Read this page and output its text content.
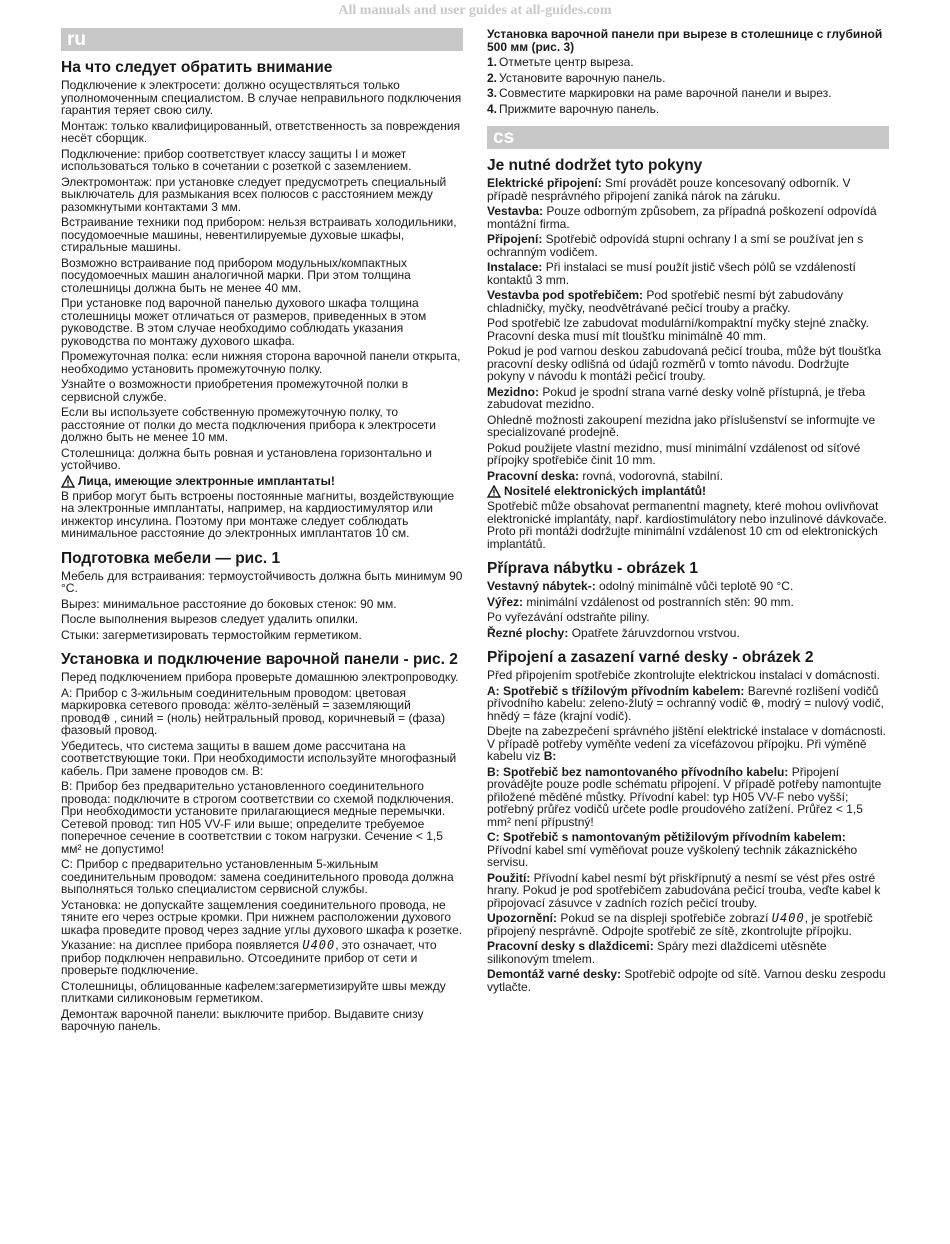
All manuals and user guides at all-guides.com
ru
На что следует обратить внимание
Подключение к электросети: должно осуществляться только уполномоченным специалистом. В случае неправильного подключения гарантия теряет свою силу.
Монтаж: только квалифицированный, ответственность за повреждения несёт сборщик.
Подключение: прибор соответствует классу защиты I и может использоваться только в сочетании с розеткой с заземлением.
Электромонтаж: при установке следует предусмотреть специальный выключатель для размыкания всех полюсов с расстоянием между разомкнутыми контактами 3 мм.
Встраивание техники под прибором: нельзя встраивать холодильники, посудомоечные машины, невентилируемые духовые шкафы, стиральные машины.
Возможно встраивание под прибором модульных/компактных посудомоечных машин аналогичной марки. При этом толщина столешницы должна быть не менее 40 мм.
При установке под варочной панелью духового шкафа толщина столешницы может отличаться от размеров, приведенных в этом руководстве. В этом случае необходимо соблюдать указания руководства по монтажу духового шкафа.
Промежуточная полка: если нижняя сторона варочной панели открыта, необходимо установить промежуточную полку.
Узнайте о возможности приобретения промежуточной полки в сервисной службе.
Если вы используете собственную промежуточную полку, то расстояние от полки до места подключения прибора к электросети должно быть не менее 10 мм.
Столешница: должна быть ровная и установлена горизонтально и устойчиво.
Лица, имеющие электронные имплантаты!
В прибор могут быть встроены постоянные магниты, воздействующие на электронные имплантаты, например, на кардиостимулятор или инжектор инсулина. Поэтому при монтаже следует соблюдать минимальное расстояние до электронных имплантатов 10 см.
Подготовка мебели — рис. 1
Мебель для встраивания: термоустойчивость должна быть минимум 90 °C.
Вырез: минимальное расстояние до боковых стенок: 90 мм.
После выполнения вырезов следует удалить опилки.
Стыки: загерметизировать термостойким герметиком.
Установка и подключение варочной панели - рис. 2
Перед подключением прибора проверьте домашнюю электропроводку.
А: Прибор с 3-жильным соединительным проводом: цветовая маркировка сетевого провода: жёлто-зелёный = заземляющий провод⊕ , синий = (ноль) нейтральный провод, коричневый = (фаза) фазовый провод.
Убедитесь, что система защиты в вашем доме рассчитана на соответствующие токи. При необходимости используйте многофазный кабель. При замене проводов см. В:
В: Прибор без предварительно установленного соединительного провода: подключите в строгом соответствии со схемой подключения. При необходимости установите прилагающиеся медные перемычки. Сетевой провод: тип H05 VV-F или выше; определите требуемое поперечное сечение в соответствии с током нагрузки. Сечение < 1,5 мм² не допустимо!
С: Прибор с предварительно установленным 5-жильным соединительным проводом: замена соединительного провода должна выполняться только специалистом сервисной службы.
Установка: не допускайте защемления соединительного провода, не тяните его через острые кромки. При нижнем расположении духового шкафа проведите провод через задние углы духового шкафа к розетке.
Указание: на дисплее прибора появляется U400, это означает, что прибор подключен неправильно. Отсоедините прибор от сети и проверьте подключение.
Столешницы, облицованные кафелем:загерметизируйте швы между плитками силиконовым герметиком.
Демонтаж варочной панели: выключите прибор. Выдавите снизу варочную панель.
Установка варочной панели при вырезе в столешнице с глубиной 500 мм (рис. 3)
1. Отметьте центр выреза.
2. Установите варочную панель.
3. Совместите маркировки на раме варочной панели и вырез.
4. Прижмите варочную панель.
cs
Je nutné dodržet tyto pokyny
Elektrické připojení: Smí provádět pouze koncesovaný odborník. V případě nesprávného připojení zaniká nárok na záruku.
Vestavba: Pouze odborným způsobem, za případná poškození odpovídá montážní firma.
Připojení: Spotřebič odpovídá stupni ochrany I a smí se používat jen s ochranným vodičem.
Instalace: Při instalaci se musí použít jistič všech pólů se vzdáleností kontaktů 3 mm.
Vestavba pod spotřebičem: Pod spotřebič nesmí být zabudovány chladničky, myčky, neodvětrávané pečicí trouby a pračky.
Pod spotřebič lze zabudovat modulární/kompaktní myčky stejné značky. Pracovní deska musí mít tloušťku minimálně 40 mm.
Pokud je pod varnou deskou zabudovaná pečicí trouba, může být tloušťka pracovní desky odlišná od údajů rozměrů v tomto návodu. Dodržujte pokyny v návodu k montáži pečicí trouby.
Mezidno: Pokud je spodní strana varné desky volně přístupná, je třeba zabudovat mezidno.
Ohledně možnosti zakoupení mezidna jako příslušenství se informujte ve specializované prodejně.
Pokud použijete vlastní mezidno, musí minimální vzdálenost od síťové přípojky spotřebiče činit 10 mm.
Pracovní deska: rovná, vodorovná, stabilní.
Nositelé elektronických implantátů!
Spotřebič může obsahovat permanentní magnety, které mohou ovlivňovat elektronické implantáty, např. kardiostimulátory nebo inzulinové dávkovače. Proto při montáži dodržujte minimální vzdálenost 10 cm od elektronických implantátů.
Příprava nábytku - obrázek 1
Vestavný nábytek-: odolný minimálně vůči teplotě 90 °C.
Výřez: minimální vzdálenost od postranních stěn: 90 mm.
Po vyřezávání odstraňte piliny.
Řezné plochy: Opatřete žáruvzdornou vrstvou.
Připojení a zasazení varné desky - obrázek 2
Před připojením spotřebiče zkontrolujte elektrickou instalaci v domácnosti.
A: Spotřebič s třížilovým přívodním kabelem: Barevné rozlišení vodičů přívodního kabelu: zeleno-žlutý = ochranný vodič ⊕, modrý = nulový vodič, hnědý = fáze (krajní vodič).
Dbejte na zabezpečení správného jištění elektrické instalace v domácnosti. V případě potřeby vyměňte vedení za vícefázovou přípojku. Při výměně kabelu viz B:
B: Spotřebič bez namontovaného přívodního kabelu: Připojení provádějte pouze podle schématu připojení. V případě potřeby namontujte přiložené měděné můstky. Přívodní kabel: typ H05 VV-F nebo vyšší; potřebný průřez vodičů určete podle proudového zatížení. Průřez < 1,5 mm² není přípustný!
C: Spotřebič s namontovaným pětižilovým přívodním kabelem: Přívodní kabel smí vyměňovat pouze vyškolený technik zákaznického servisu.
Použití: Přívodní kabel nesmí být přiskřípnutý a nesmí se vést přes ostré hrany. Pokud je pod spotřebičem zabudována pečicí trouba, veďte kabel k připojovací zásuvce v zadních rozích pečicí trouby.
Upozornění: Pokud se na displeji spotřebiče zobrazí U400, je spotřebič připojený nesprávně. Odpojte spotřebič ze sítě, zkontrolujte přípojku.
Pracovní desky s dlaždicemi: Spáry mezi dlaždicemi utěsněte silikonovým tmelem.
Demontáž varné desky: Spotřebič odpojte od sítě. Varnou desku zespodu vytlačte.
